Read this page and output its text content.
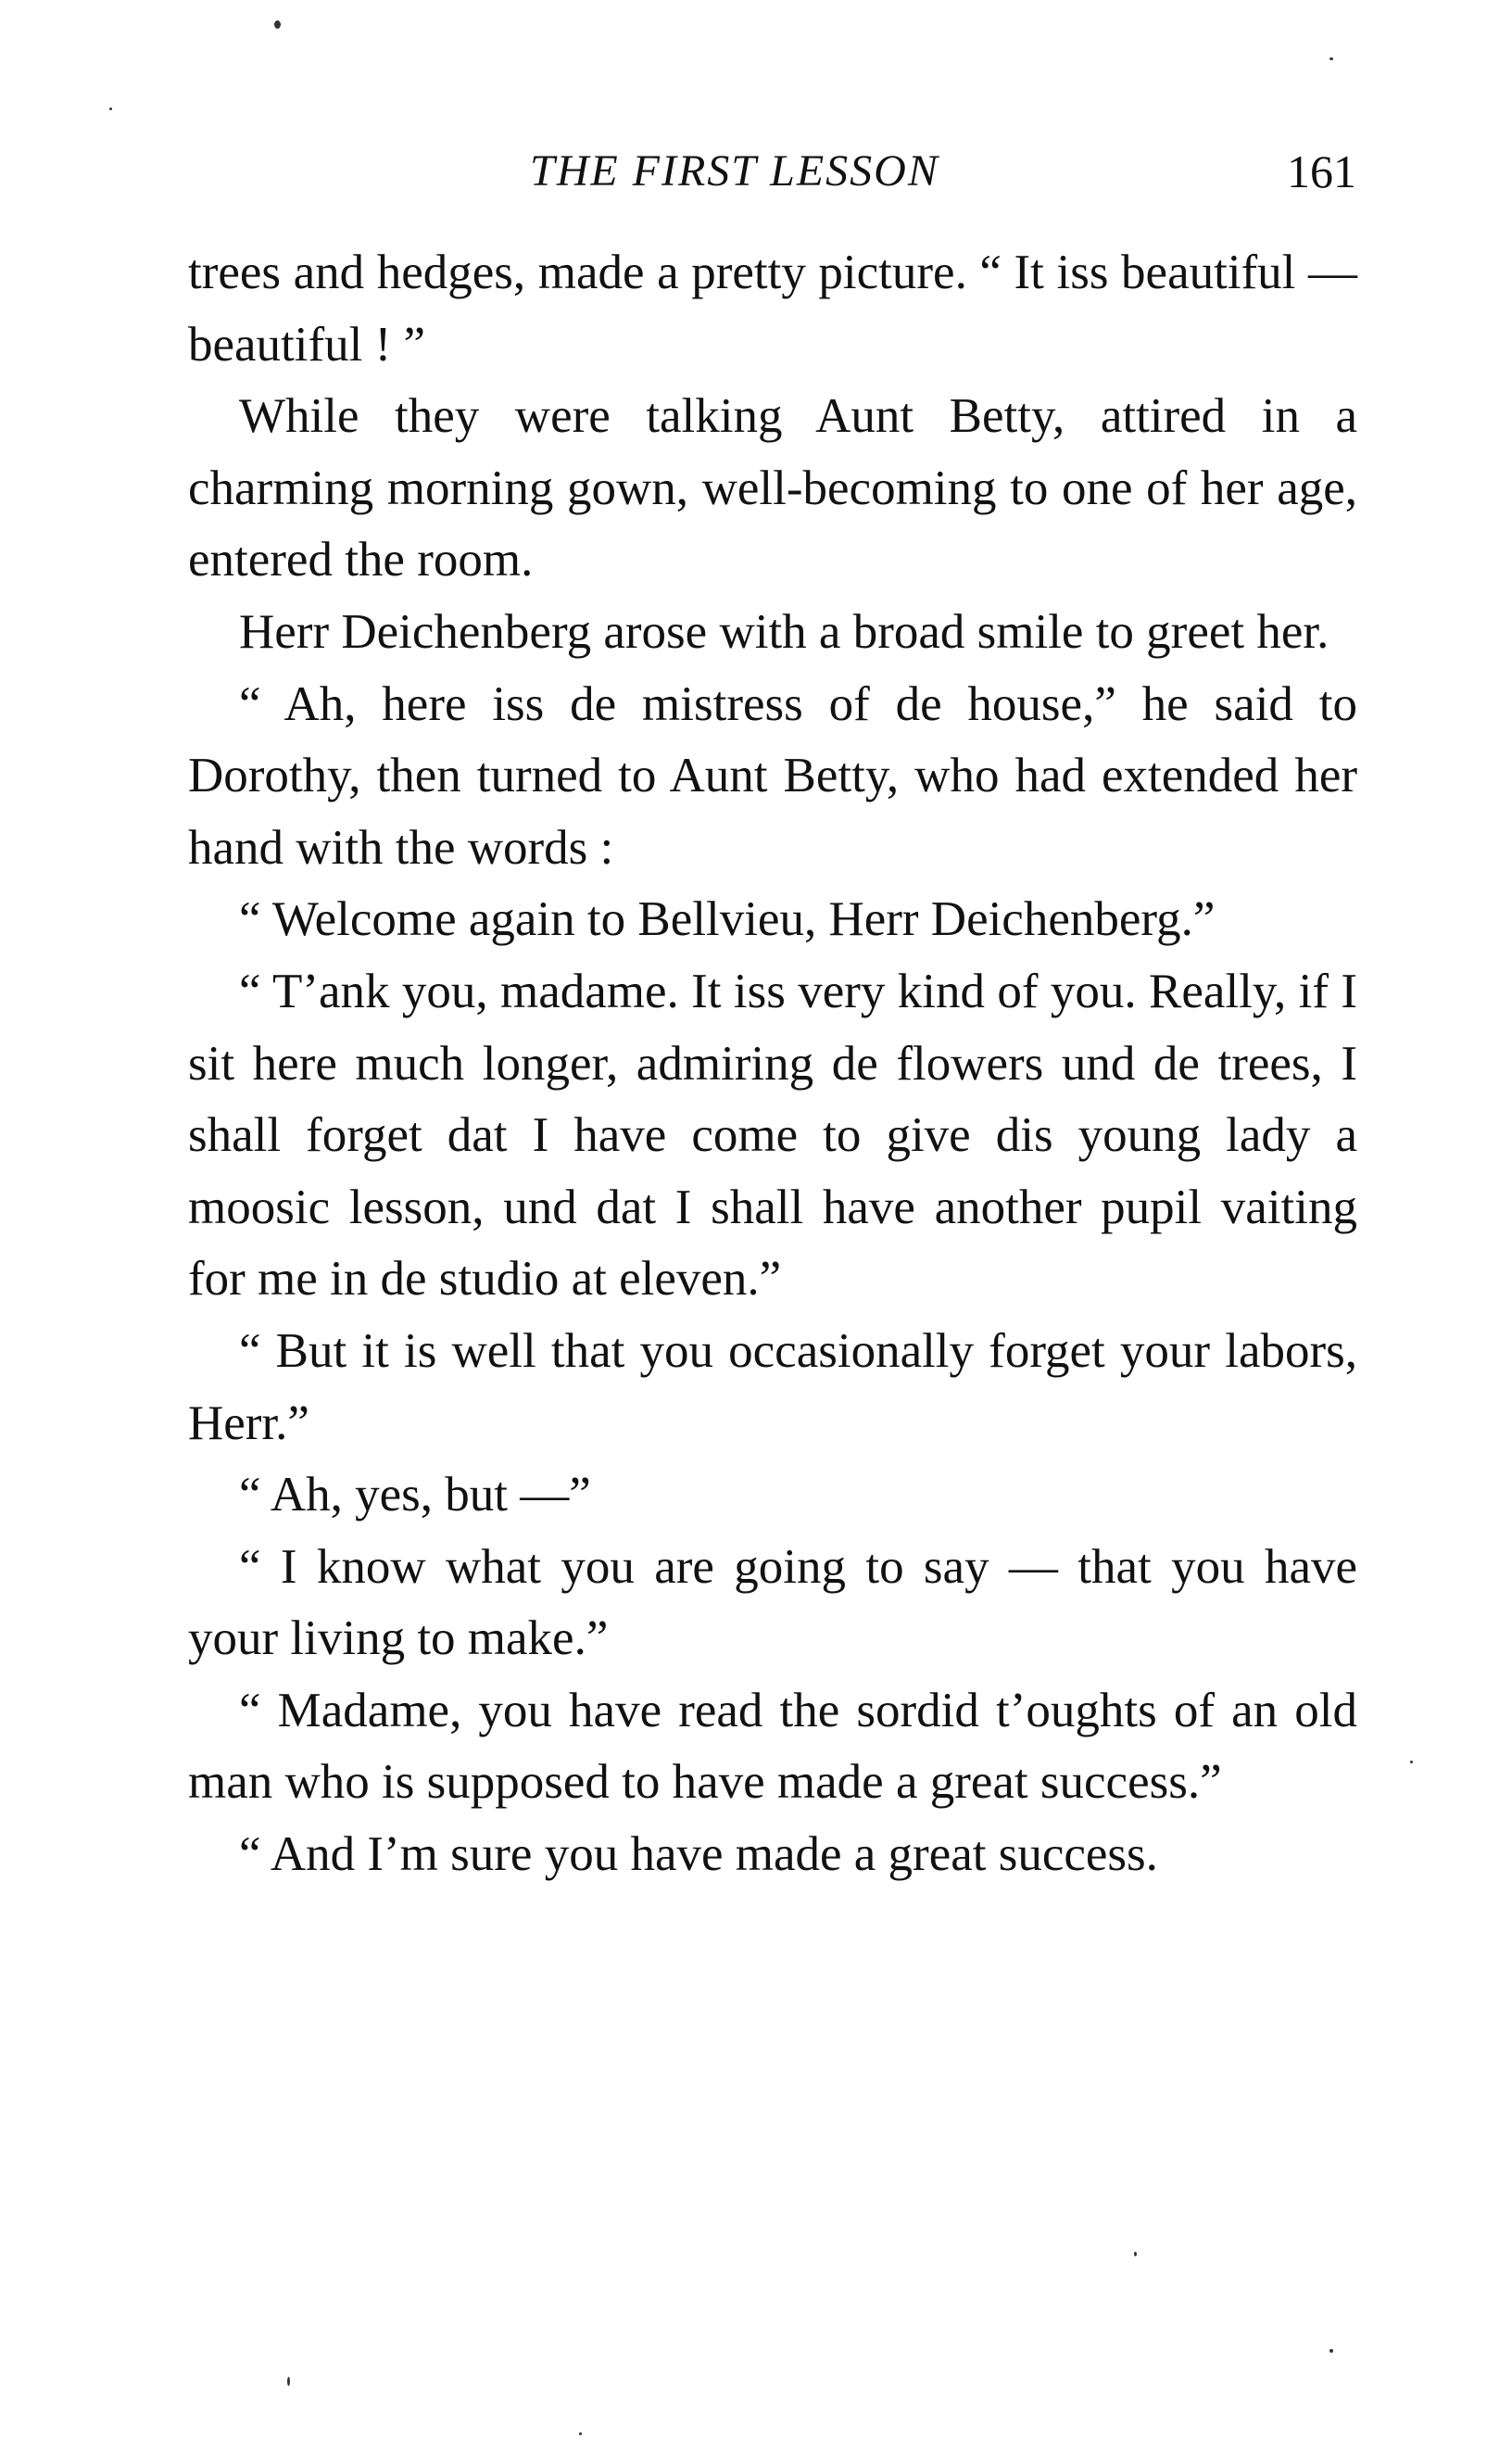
THE FIRST LESSON	161

trees and hedges, made a pretty picture. “ It iss beautiful — beautiful ! ”

While they were talking Aunt Betty, attired in a charming morning gown, well-becoming to one of her age, entered the room.

Herr Deichenberg arose with a broad smile to greet her.

“ Ah, here iss de mistress of de house,” he said to Dorothy, then turned to Aunt Betty, who had extended her hand with the words :

“ Welcome again to Bellvieu, Herr Deichenberg.”

“ T’ank you, madame. It iss very kind of you. Really, if I sit here much longer, admiring de flowers und de trees, I shall forget dat I have come to give dis young lady a moosic lesson, und dat I shall have another pupil vaiting for me in de studio at eleven.”

“ But it is well that you occasionally forget your labors, Herr.”

“ Ah, yes, but —”

“ I know what you are going to say — that you have your living to make.”

“ Madame, you have read the sordid t’oughts of an old man who is supposed to have made a great success.”

“ And I’m sure you have made a great success.
